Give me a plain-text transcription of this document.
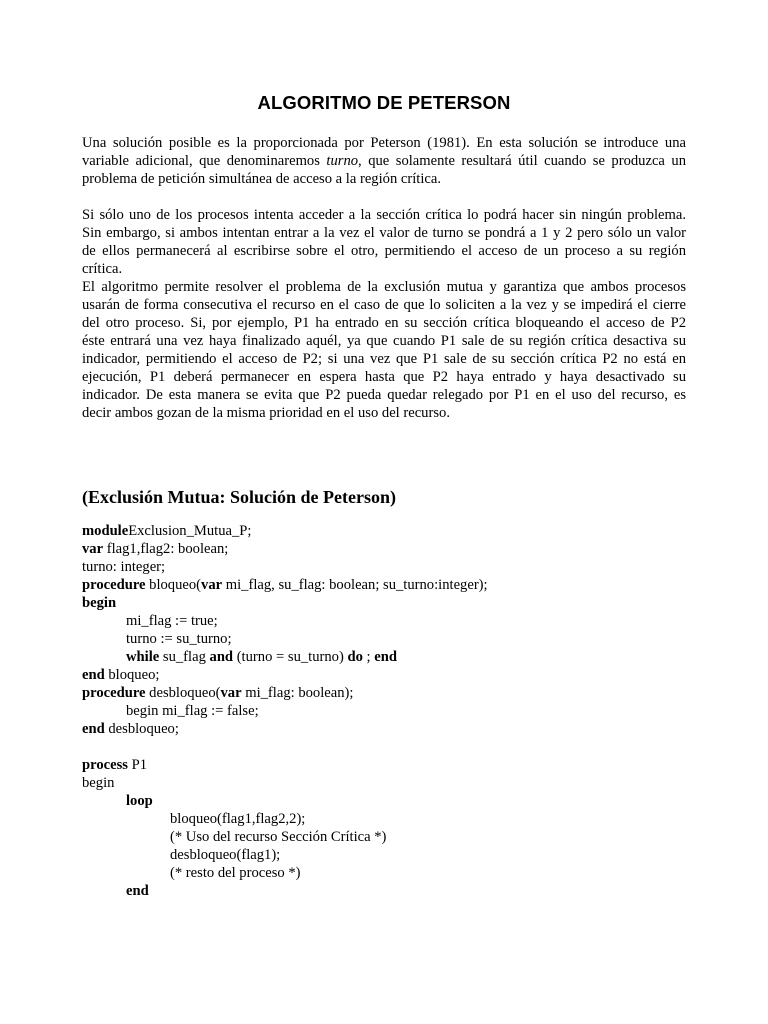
ALGORITMO DE PETERSON

Una solución posible es la proporcionada por Peterson (1981). En esta solución se introduce una
variable adicional, que denominaremos turno, que solamente resultará útil cuando se produzca un
problema de petición simultánea de acceso a la región crítica.

Si sólo uno de los procesos intenta acceder a la sección crítica lo podrá hacer sin ningún problema.
Sin embargo, si ambos intentan entrar a la vez el valor de turno se pondrá a 1 y 2 pero sólo un valor
de ellos permanecerá al escribirse sobre el otro, permitiendo el acceso de un proceso a su región
crítica.

El algoritmo permite resolver el problema de la exclusión mutua y garantiza que ambos procesos
usarán de forma consecutiva el recurso en el caso de que lo soliciten a la vez y se impedirá el cierre
del otro proceso. Si, por ejemplo, P1 ha entrado en su sección crítica bloqueando el acceso de P2
éste entrará una vez haya finalizado aquél, ya que cuando P1 sale de su región crítica desactiva su
indicador, permitiendo el acceso de P2; si una vez que P1 sale de su sección crítica P2 no está en
ejecución, P1 deberá permanecer en espera hasta que P2 haya entrado y haya desactivado su
indicador. De esta manera se evita que P2 pueda quedar relegado por P1 en el uso del recurso, es
decir ambos gozan de la misma prioridad en el uso del recurso.

(Exclusión Mutua: Solución de Peterson)
moduleExclusion_Mutua_P;
var flag1,flag2: boolean;
turno: integer;
procedure bloqueo(var mi_flag, su_flag: boolean; su_turno:integer);
begin
mi_flag := true;
turno := su_turno;
while su_flag and (turno = su_turno) do ; end
end bloqueo;
procedure desbloqueo(var mi_flag: boolean);
begin mi_flag := false;
end desbloqueo;
process P1
begin
loop
bloqueo(flag1,flag2,2);
(* Uso del recurso Sección Crítica *)
desbloqueo(flag1);
(* resto del proceso *)
end
